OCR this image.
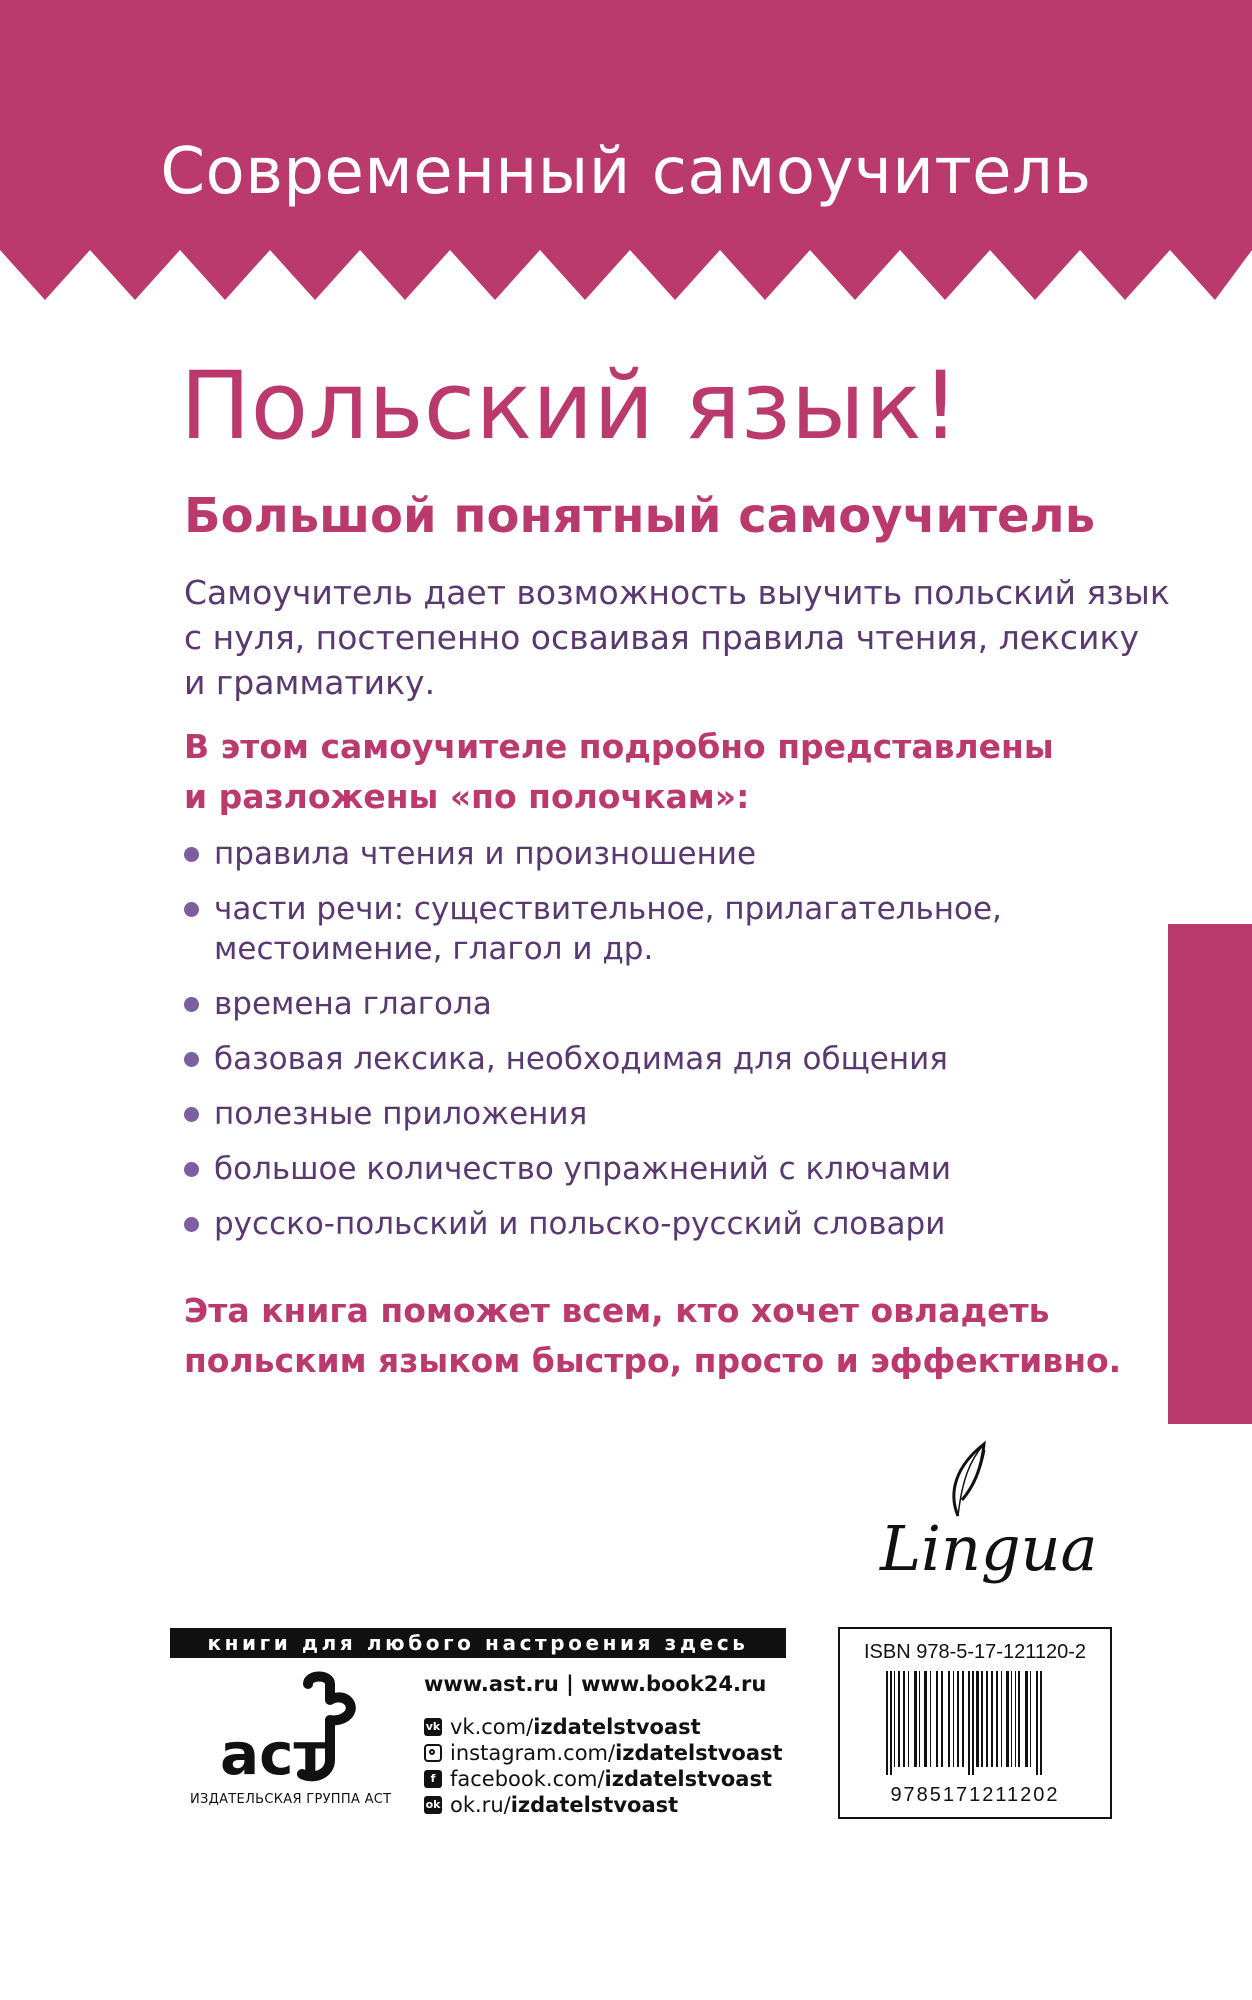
Современный самоучитель
Польский язык!
Большой понятный самоучитель
Самоучитель дает возможность выучить польский язык
с нуля, постепенно осваивая правила чтения, лексику
и грамматику.
В этом самоучителе подробно представлены
и разложены «по полочкам»:
правила чтения и произношение
части речи: существительное, прилагательное,
местоимение, глагол и др.
времена глагола
базовая лексика, необходимая для общения
полезные приложения
большое количество упражнений с ключами
русско-польский и польско-русский словари
Эта книга поможет всем, кто хочет овладеть
польским языком быстро, просто и эффективно.
Lingua
книги для любого настроения здесь
аст
ИЗДАТЕЛЬСКАЯ ГРУППА АСТ
www.ast.ru | www.book24.ru
vk vk.com/ izdatelstvoast
instagram.com/ izdatelstvoast
f facebook.com/ izdatelstvoast
ok ok.ru/ izdatelstvoast
ISBN 978-5-17-121120-2
9785171211202
